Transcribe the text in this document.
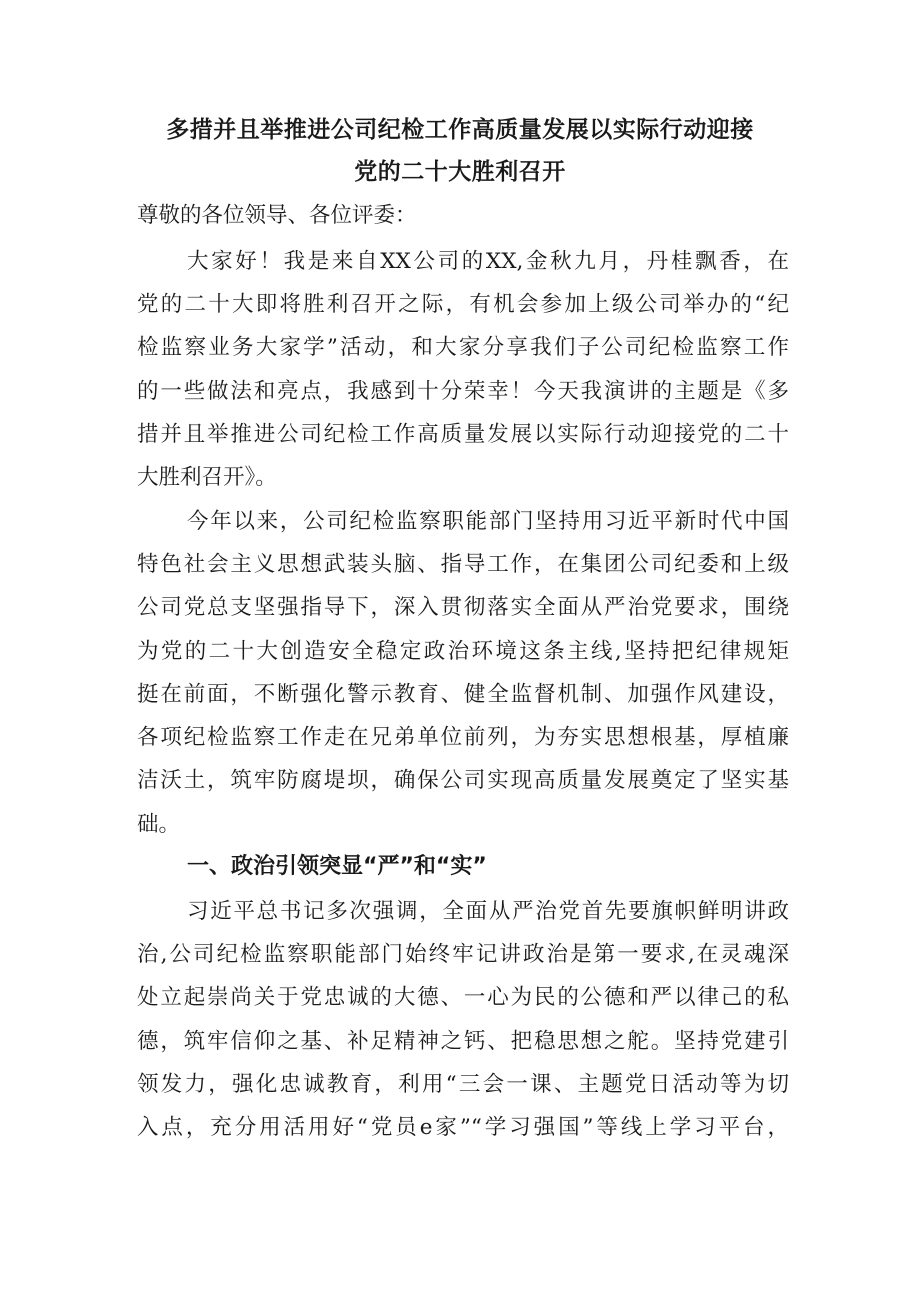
多措并且举推进公司纪检工作高质量发展以实际行动迎接
党的二十大胜利召开

尊敬的各位领导、各位评委：

大家好！我是来自XX公司的XX,金秋九月，丹桂飘香，在

党的二十大即将胜利召开之际，有机会参加上级公司举办的“纪

检监察业务大家学”活动，和大家分享我们子公司纪检监察工作

的一些做法和亮点，我感到十分荣幸！今天我演讲的主题是《多

措并且举推进公司纪检工作高质量发展以实际行动迎接党的二十

大胜利召开》。

今年以来，公司纪检监察职能部门坚持用习近平新时代中国

特色社会主义思想武装头脑、指导工作，在集团公司纪委和上级

公司党总支坚强指导下，深入贯彻落实全面从严治党要求，围绕

为党的二十大创造安全稳定政治环境这条主线,坚持把纪律规矩

挺在前面，不断强化警示教育、健全监督机制、加强作风建设，

各项纪检监察工作走在兄弟单位前列，为夯实思想根基，厚植廉

洁沃土，筑牢防腐堤坝，确保公司实现高质量发展奠定了坚实基

础。

一、政治引领突显“严”和“实”

习近平总书记多次强调，全面从严治党首先要旗帜鲜明讲政

治,公司纪检监察职能部门始终牢记讲政治是第一要求,在灵魂深

处立起崇尚关于党忠诚的大德、一心为民的公德和严以律己的私

德，筑牢信仰之基、补足精神之钙、把稳思想之舵。坚持党建引

领发力，强化忠诚教育，利用“三会一课、主题党日活动等为切

入点，充分用活用好“党员e家”“学习强国”等线上学习平台，
